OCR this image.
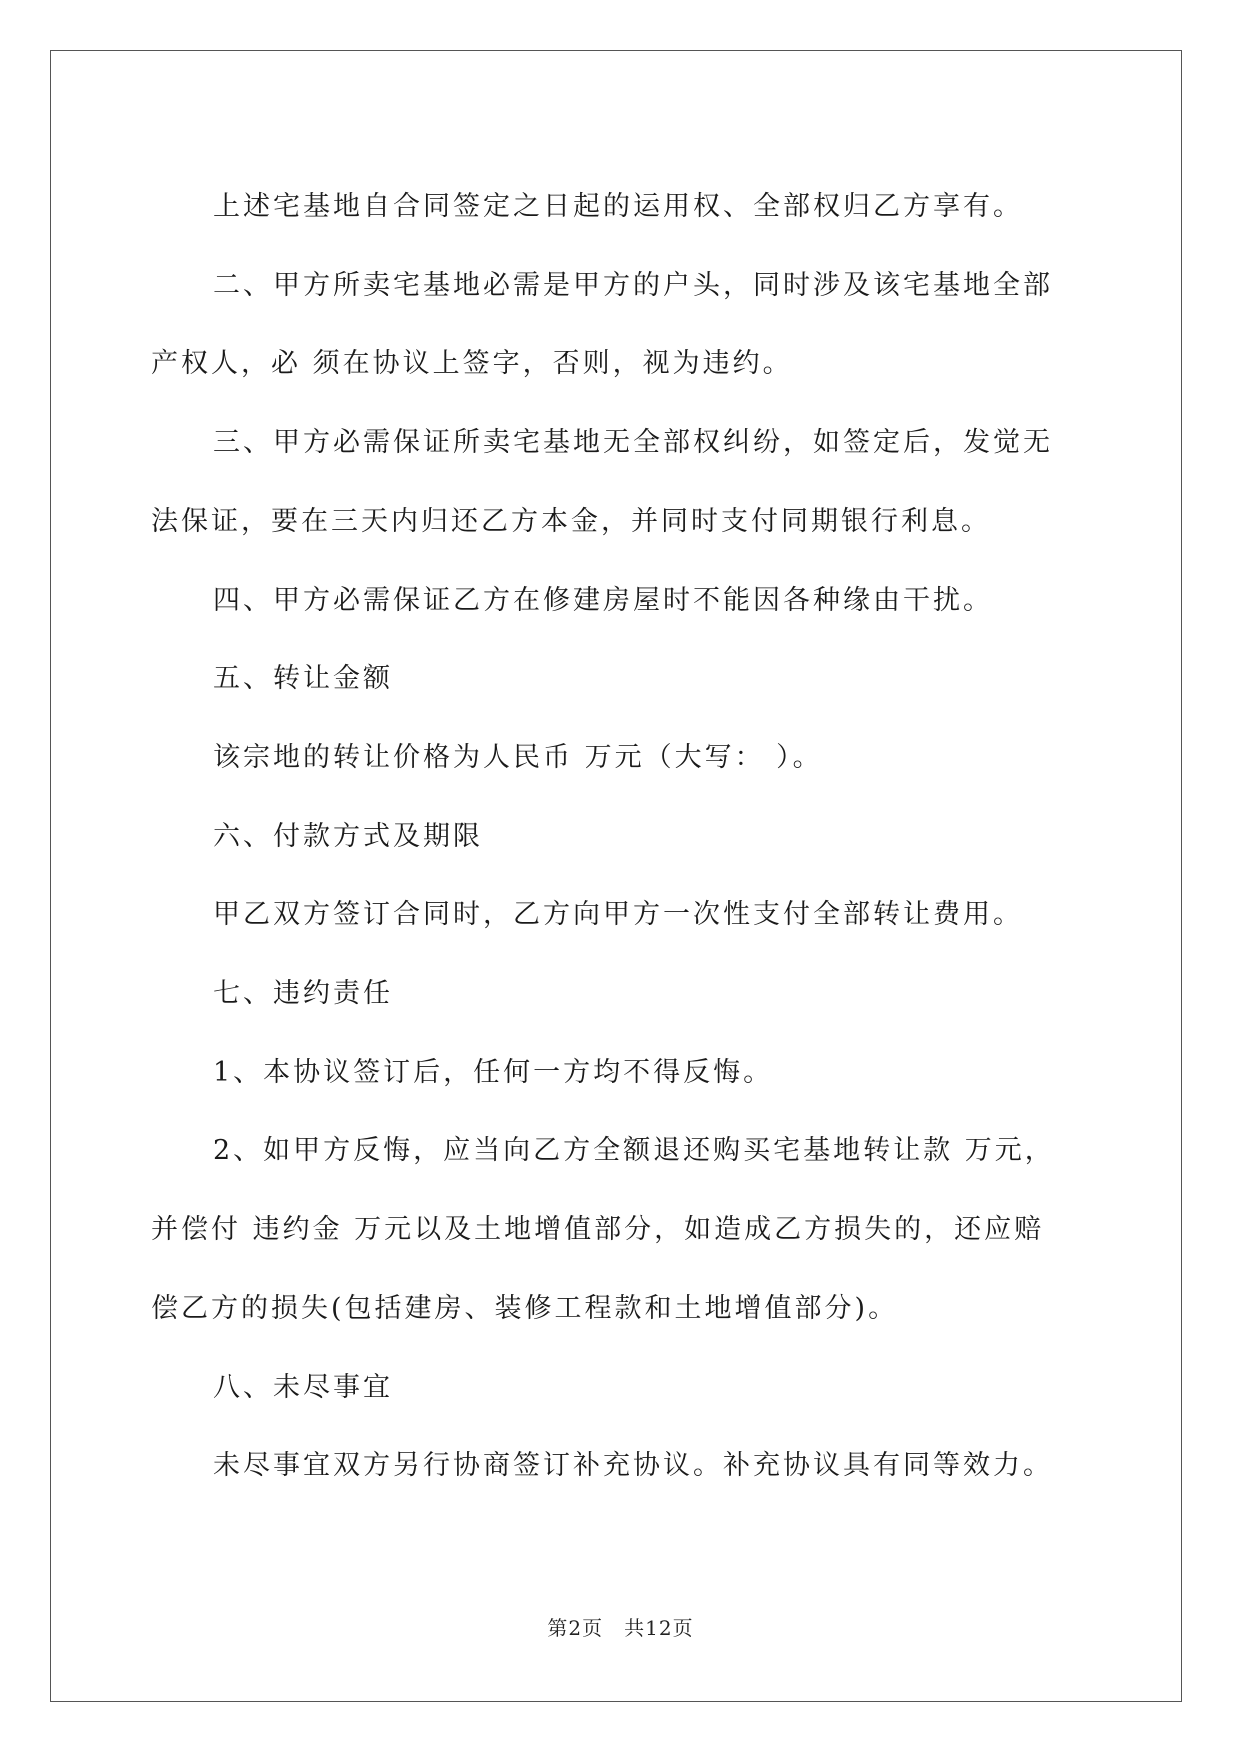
上述宅基地自合同签定之日起的运用权、全部权归乙方享有。

二、甲方所卖宅基地必需是甲方的户头，同时涉及该宅基地全部

产权人，必 须在协议上签字，否则，视为违约。

三、甲方必需保证所卖宅基地无全部权纠纷，如签定后，发觉无

法保证，要在三天内归还乙方本金，并同时支付同期银行利息。

四、甲方必需保证乙方在修建房屋时不能因各种缘由干扰。

五、转让金额

该宗地的转让价格为人民币 万元（大写： ）。

六、付款方式及期限

甲乙双方签订合同时，乙方向甲方一次性支付全部转让费用。

七、违约责任

1、本协议签订后，任何一方均不得反悔。

2、如甲方反悔，应当向乙方全额退还购买宅基地转让款 万元，

并偿付 违约金 万元以及土地增值部分，如造成乙方损失的，还应赔

偿乙方的损失(包括建房、装修工程款和土地增值部分)。

八、未尽事宜

未尽事宜双方另行协商签订补充协议。补充协议具有同等效力。

第2页　共12页
